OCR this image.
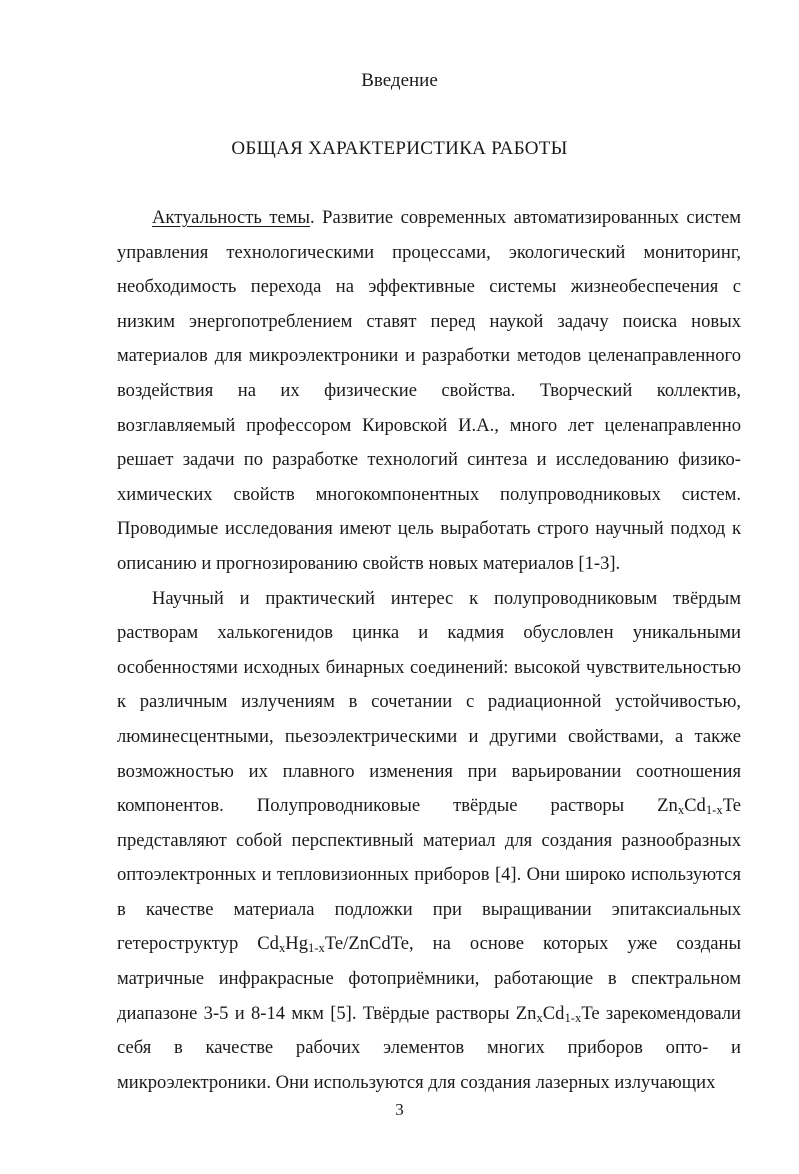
Введение
ОБЩАЯ ХАРАКТЕРИСТИКА РАБОТЫ

Актуальность темы. Развитие современных автоматизированных систем управления технологическими процессами, экологический мониторинг, необходимость перехода на эффективные системы жизнеобеспечения с низким энергопотреблением ставят перед наукой задачу поиска новых материалов для микроэлектроники и разработки методов целенаправленного воздействия на их физические свойства. Творческий коллектив, возглавляемый профессором Кировской И.А., много лет целенаправленно решает задачи по разработке технологий синтеза и исследованию физико-химических свойств многокомпонентных полупроводниковых систем. Проводимые исследования имеют цель выработать строго научный подход к описанию и прогнозированию свойств новых материалов [1-3].

Научный и практический интерес к полупроводниковым твёрдым растворам халькогенидов цинка и кадмия обусловлен уникальными особенностями исходных бинарных соединений: высокой чувствительностью к различным излучениям в сочетании с радиационной устойчивостью, люминесцентными, пьезоэлектрическими и другими свойствами, а также возможностью их плавного изменения при варьировании соотношения компонентов. Полупроводниковые твёрдые растворы $Zn_xCd_{1-x}Te$ представляют собой перспективный материал для создания разнообразных оптоэлектронных и тепловизионных приборов [4]. Они широко используются в качестве материала подложки при выращивании эпитаксиальных гетероструктур $Cd_xHg_{1-x}Te$/ZnCdTe, на основе которых уже созданы матричные инфракрасные фотоприёмники, работающие в спектральном диапазоне 3-5 и 8-14 мкм [5]. Твёрдые растворы $Zn_xCd_{1-x}Te$ зарекомендовали себя в качестве рабочих элементов многих приборов опто- и микроэлектроники. Они используются для создания лазерных излучающих

3
